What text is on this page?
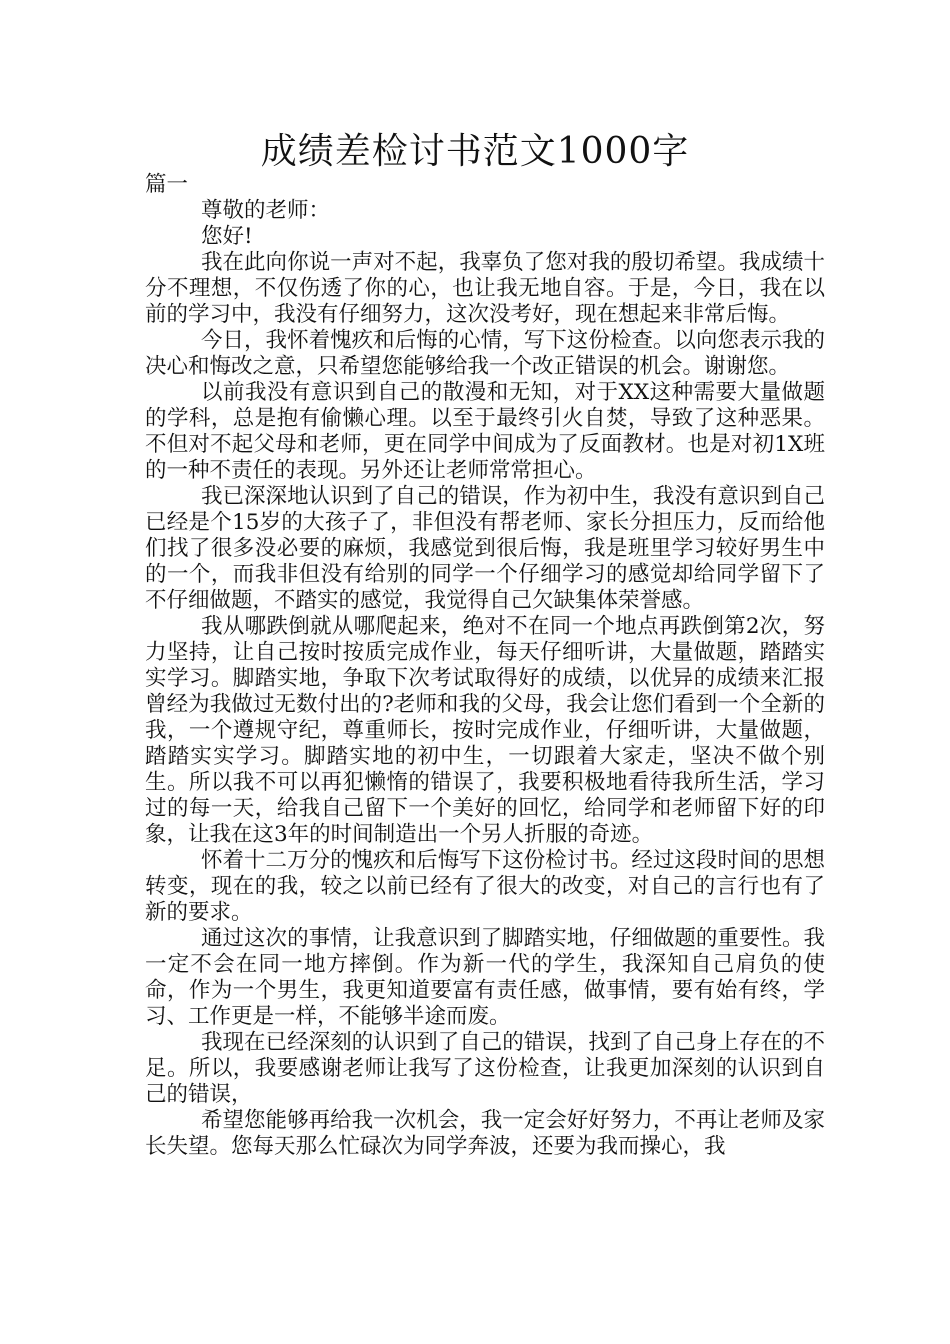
成绩差检讨书范文1000字

篇一

尊敬的老师：

您好!

我在此向你说一声对不起，我辜负了您对我的殷切希望。我成绩十分不理想，不仅伤透了你的心，也让我无地自容。于是，今日，我在以前的学习中，我没有仔细努力，这次没考好，现在想起来非常后悔。

今日，我怀着愧疚和后悔的心情，写下这份检查。以向您表示我的决心和悔改之意，只希望您能够给我一个改正错误的机会。谢谢您。

以前我没有意识到自己的散漫和无知，对于XX这种需要大量做题的学科，总是抱有偷懒心理。以至于最终引火自焚，导致了这种恶果。不但对不起父母和老师，更在同学中间成为了反面教材。也是对初1X班的一种不责任的表现。另外还让老师常常担心。

我已深深地认识到了自己的错误，作为初中生，我没有意识到自己已经是个15岁的大孩子了，非但没有帮老师、家长分担压力，反而给他们找了很多没必要的麻烦，我感觉到很后悔，我是班里学习较好男生中的一个，而我非但没有给别的同学一个仔细学习的感觉却给同学留下了不仔细做题，不踏实的感觉，我觉得自己欠缺集体荣誉感。

我从哪跌倒就从哪爬起来，绝对不在同一个地点再跌倒第2次，努力坚持，让自己按时按质完成作业，每天仔细听讲，大量做题，踏踏实实学习。脚踏实地，争取下次考试取得好的成绩，以优异的成绩来汇报曾经为我做过无数付出的?老师和我的父母，我会让您们看到一个全新的我，一个遵规守纪，尊重师长，按时完成作业，仔细听讲，大量做题，踏踏实实学习。脚踏实地的初中生，一切跟着大家走，坚决不做个别生。所以我不可以再犯懒惰的错误了，我要积极地看待我所生活，学习过的每一天，给我自己留下一个美好的回忆，给同学和老师留下好的印象，让我在这3年的时间制造出一个另人折服的奇迹。

怀着十二万分的愧疚和后悔写下这份检讨书。经过这段时间的思想转变，现在的我，较之以前已经有了很大的改变，对自己的言行也有了新的要求。

通过这次的事情，让我意识到了脚踏实地，仔细做题的重要性。我一定不会在同一地方摔倒。作为新一代的学生，我深知自己肩负的使命，作为一个男生，我更知道要富有责任感，做事情，要有始有终，学习、工作更是一样，不能够半途而废。

我现在已经深刻的认识到了自己的错误，找到了自己身上存在的不足。所以，我要感谢老师让我写了这份检查，让我更加深刻的认识到自己的错误，

希望您能够再给我一次机会，我一定会好好努力，不再让老师及家长失望。您每天那么忙碌次为同学奔波，还要为我而操心，我
